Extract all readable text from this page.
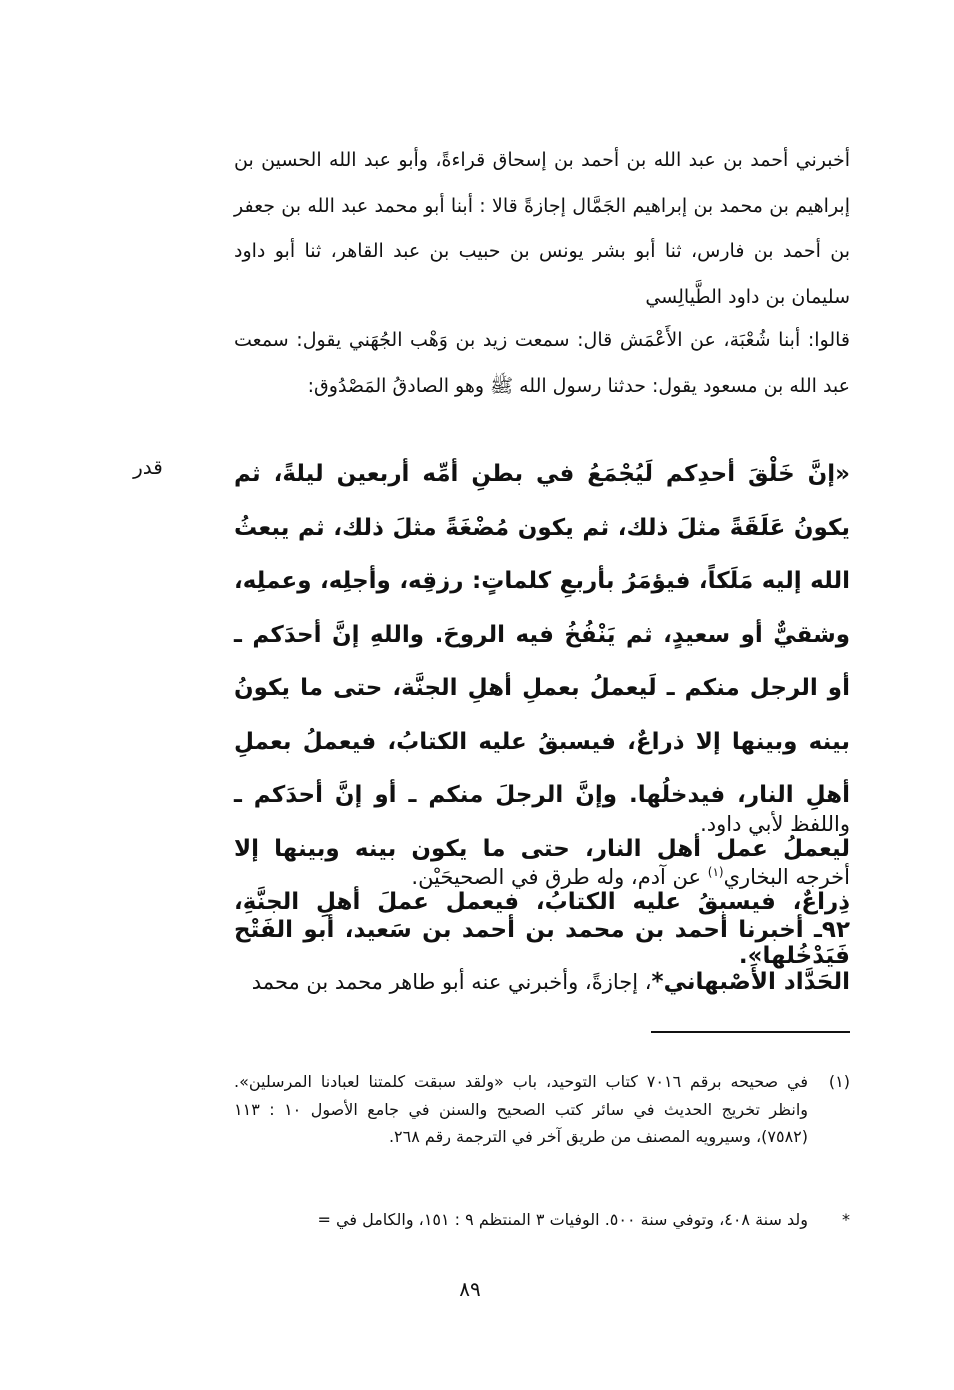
أخبرني أحمد بن عبد الله بن أحمد بن إسحاق قراءةً، وأبو عبد الله الحسين بن إبراهيم بن محمد بن إبراهيم الجَمَّال إجازةً قالا : أبنا أبو محمد عبد الله بن جعفر بن أحمد بن فارس، ثنا أبو بشر يونس بن حبيب بن عبد القاهر، ثنا أبو داود سليمان بن داود الطَّيالِسي
قالوا: أبنا شُعْبَة، عن الأَعْمَش قال: سمعت زيد بن وَهْب الجُهَني يقول: سمعت عبد الله بن مسعود يقول: حدثنا رسول الله ﷺ وهو الصادقُ المَصْدُوق:
قدر	«إنَّ خَلْقَ أحدِكم لَيُجْمَعُ في بطنِ أمِّه أربعين ليلةً، ثم يكونُ عَلَقَةً مثلَ ذلك، ثم يكون مُضْغَةً مثلَ ذلك، ثم يبعثُ الله إليه مَلَكاً، فيؤمَرُ بأربعِ كلماتٍ: رزقِه، وأجلِه، وعملِه، وشقيٌّ أو سعيدٍ، ثم يَنْفُخُ فيه الروحَ. واللهِ إنَّ أحدَكم ـ أو الرجل منكم ـ لَيعملُ بعملِ أهلِ الجنَّة، حتى ما يكونُ بينه وبينها إلا ذراعٌ، فيسبقُ عليه الكتابُ، فيعملُ بعملِ أهلِ النار، فيدخلُها. وإنَّ الرجلَ منكم ـ أو إنَّ أحدَكم ـ ليعملُ عمل أهل النار، حتى ما يكون بينه وبينها إلا ذِراعٌ، فيسبقُ عليه الكتابُ، فيعمل عملَ أهلِ الجنَّةِ، فَيَدْخُلها».
واللفظ لأبي داود.
أخرجه البخاري$^{(١)}$ عن آدم، وله طرق في الصحيحَيْن.
٩٢ـ أخبرنا أحمد بن محمد بن أحمد بن سَعيد، أبو الفَتْح الحَدَّاد الأَصْبهاني*، إجازةً، وأخبرني عنه أبو طاهر محمد بن محمد
(١)
في صحيحه برقم ٧٠١٦ كتاب التوحيد، باب «ولقد سبقت كلمتنا لعبادنا المرسلين». وانظر تخريج الحديث في سائر كتب الصحيح والسنن في جامع الأصول ١٠ : ١١٣ (٧٥٨٢)، وسيرويه المصنف من طريق آخر في الترجمة رقم ٢٦٨.
*
ولد سنة ٤٠٨، وتوفي سنة ٥٠٠. الوفيات ٣ المنتظم ٩ : ١٥١، والكامل في =
٨٩
